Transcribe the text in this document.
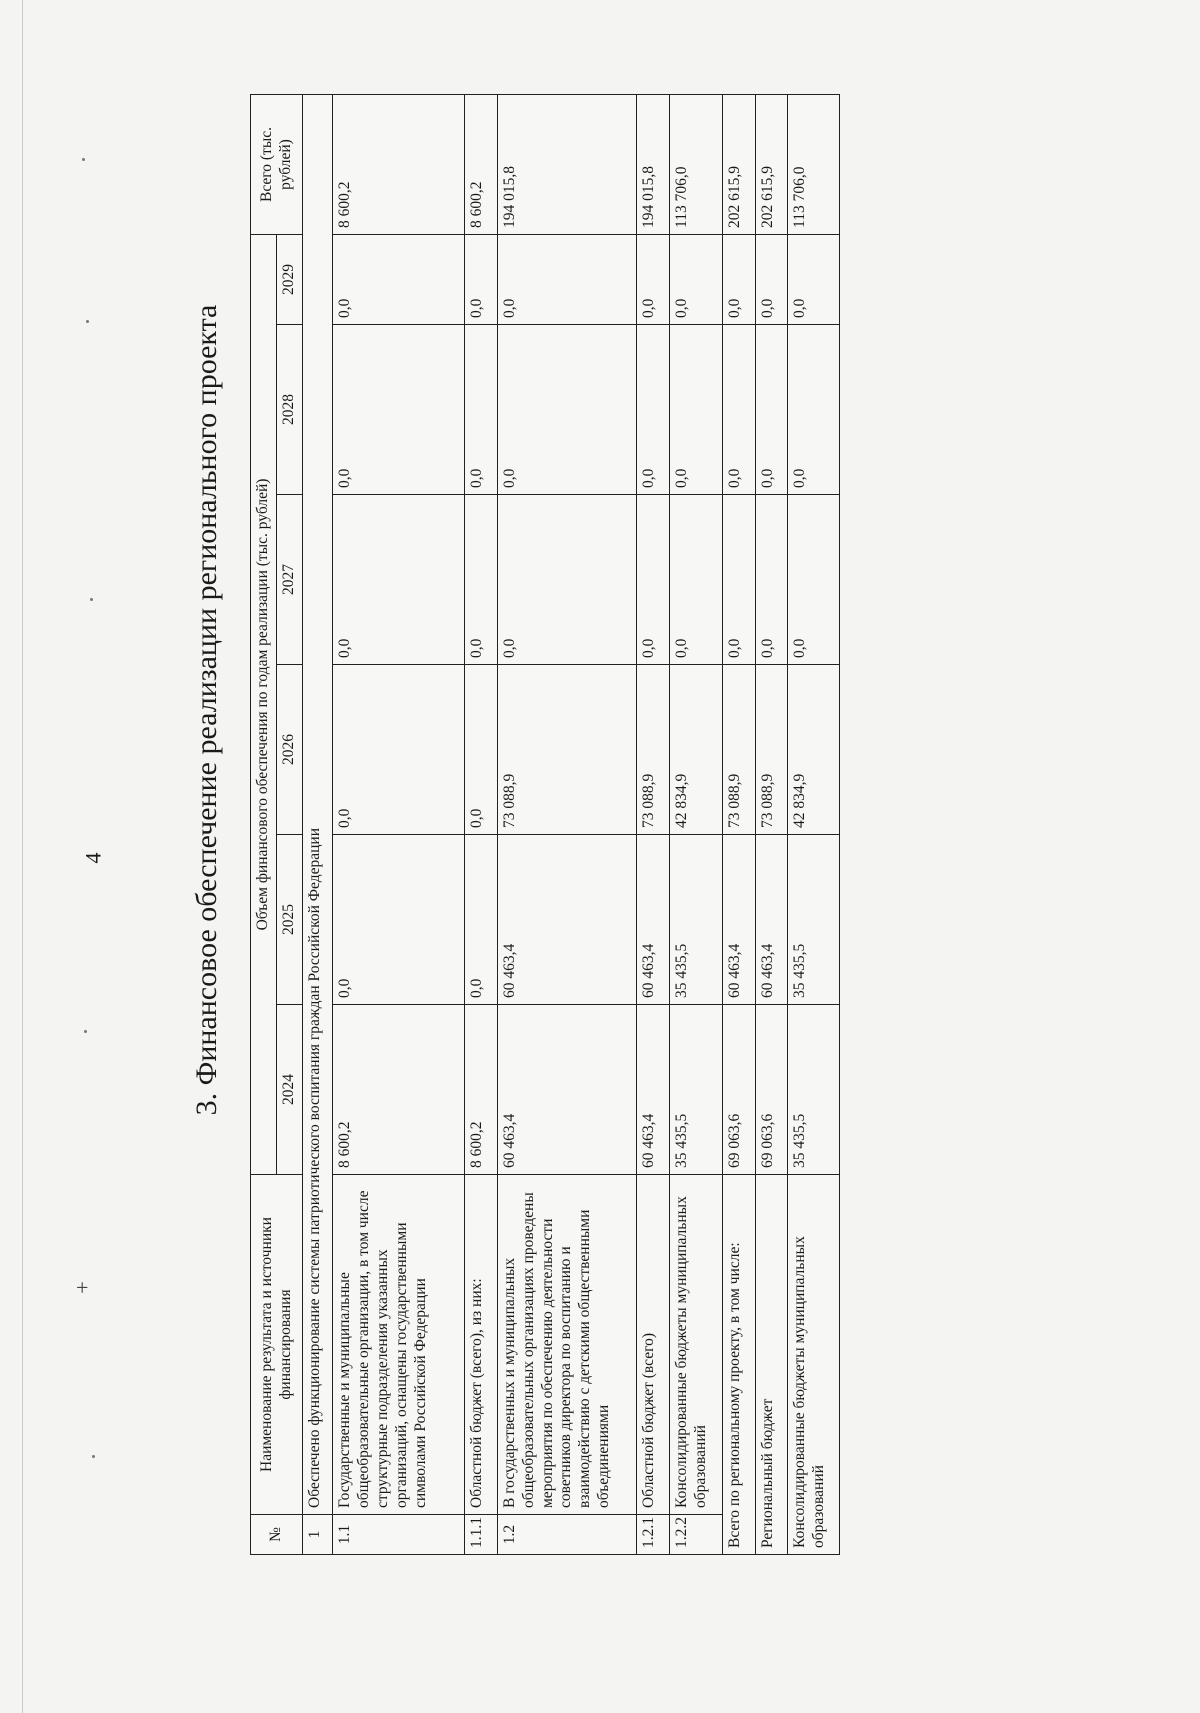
4
+
3. Финансовое обеспечение реализации регионального проекта
№	Наименование результата и источники финансирования	Объем финансового обеспечения по годам реализации (тыс. рублей)						Всего (тыс. рублей)
		2024	2025	2026	2027	2028	2029	
1	Обеспечено функционирование системы патриотического воспитания граждан Российской Федерации							
1.1	Государственные и муниципальные общеобразовательные организации, в том числе структурные подразделения указанных организаций, оснащены государственными символами Российской Федерации	8 600,2	0,0	0,0	0,0	0,0	0,0	8 600,2
1.1.1	Областной бюджет (всего), из них:	8 600,2	0,0	0,0	0,0	0,0	0,0	8 600,2
1.2	В государственных и муниципальных общеобразовательных организациях проведены мероприятия по обеспечению деятельности советников директора по воспитанию и взаимодействию с детскими общественными объединениями	60 463,4	60 463,4	73 088,9	0,0	0,0	0,0	194 015,8
1.2.1	Областной бюджет (всего)	60 463,4	60 463,4	73 088,9	0,0	0,0	0,0	194 015,8
1.2.2	Консолидированные бюджеты муниципальных образований	35 435,5	35 435,5	42 834,9	0,0	0,0	0,0	113 706,0
Всего по региональному проекту, в том числе:		69 063,6	60 463,4	73 088,9	0,0	0,0	0,0	202 615,9
Региональный бюджет		69 063,6	60 463,4	73 088,9	0,0	0,0	0,0	202 615,9
Консолидированные бюджеты муниципальных образований		35 435,5	35 435,5	42 834,9	0,0	0,0	0,0	113 706,0
